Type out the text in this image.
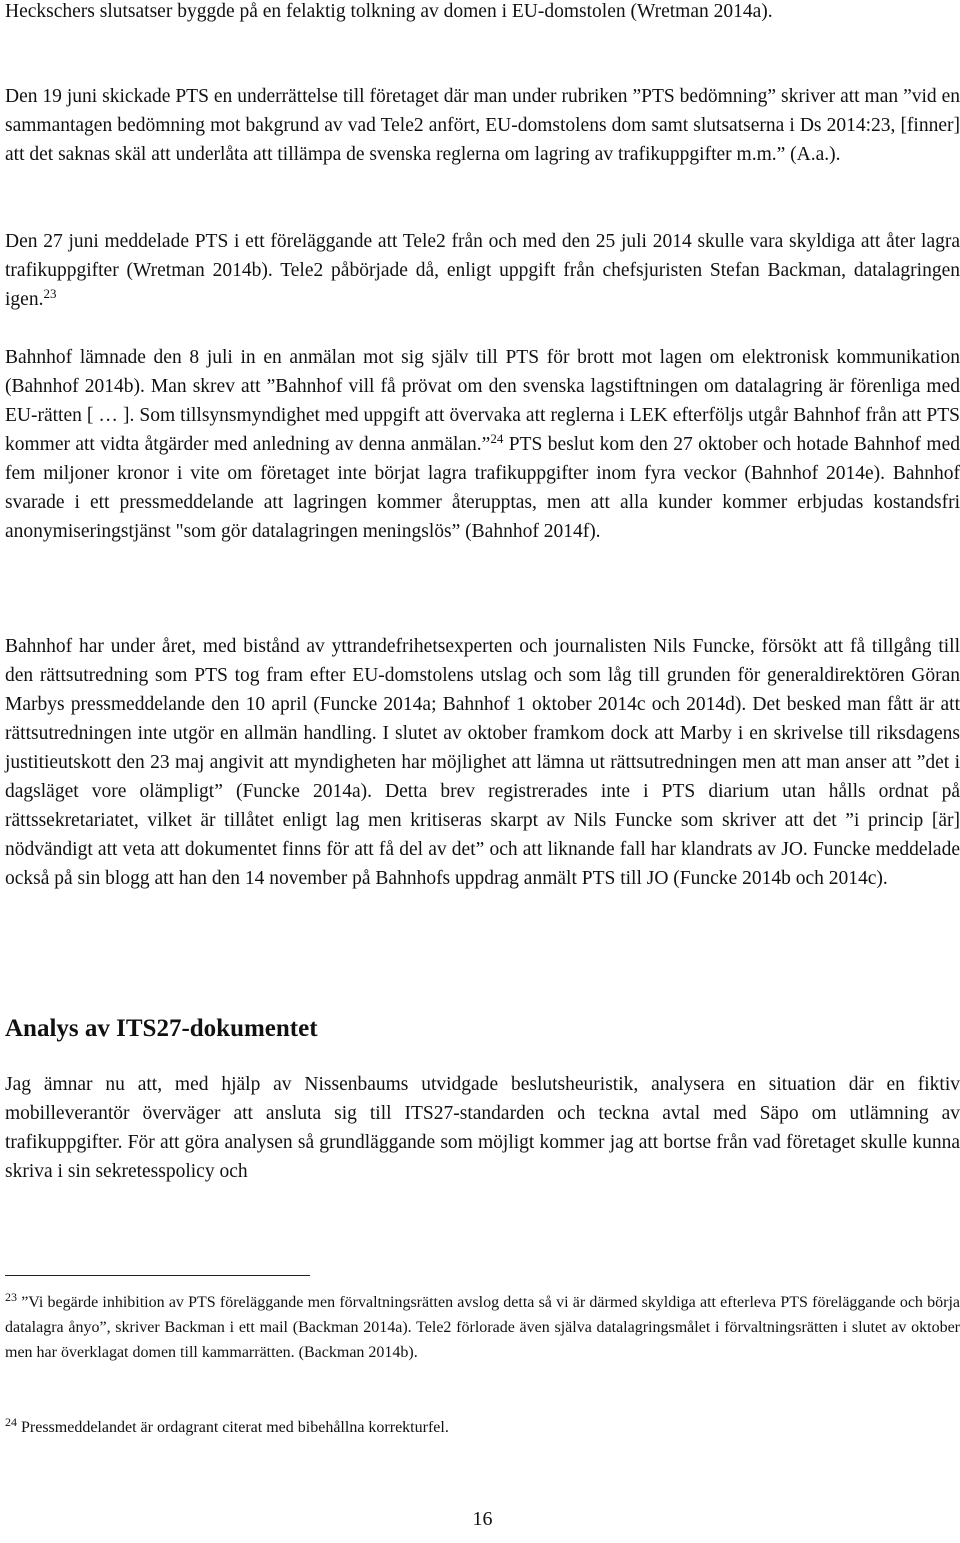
Heckschers slutsatser byggde på en felaktig tolkning av domen i EU-domstolen (Wretman 2014a).

Den 19 juni skickade PTS en underrättelse till företaget där man under rubriken ”PTS bedömning” skriver att man ”vid en sammantagen bedömning mot bakgrund av vad Tele2 anfört, EU-domstolens dom samt slutsatserna i Ds 2014:23, [finner] att det saknas skäl att underlåta att tillämpa de svenska reglerna om lagring av trafikuppgifter m.m.” (A.a.).

Den 27 juni meddelade PTS i ett föreläggande att Tele2 från och med den 25 juli 2014 skulle vara skyldiga att åter lagra trafikuppgifter (Wretman 2014b). Tele2 påbörjade då, enligt uppgift från chefsjuristen Stefan Backman, datalagringen igen.$^{23}$

Bahnhof lämnade den 8 juli in en anmälan mot sig själv till PTS för brott mot lagen om elektronisk kommunikation (Bahnhof 2014b). Man skrev att ”Bahnhof vill få prövat om den svenska lagstiftningen om datalagring är förenliga med EU-rätten [ … ]. Som tillsynsmyndighet med uppgift att övervaka att reglerna i LEK efterföljs utgår Bahnhof från att PTS kommer att vidta åtgärder med anledning av denna anmälan.”$^{24}$ PTS beslut kom den 27 oktober och hotade Bahnhof med fem miljoner kronor i vite om företaget inte börjat lagra trafikuppgifter inom fyra veckor (Bahnhof 2014e). Bahnhof svarade i ett pressmeddelande att lagringen kommer återupptas, men att alla kunder kommer erbjudas kostandsfri anonymiseringstjänst "som gör datalagringen meningslös” (Bahnhof 2014f).

Bahnhof har under året, med bistånd av yttrandefrihetsexperten och journalisten Nils Funcke, försökt att få tillgång till den rättsutredning som PTS tog fram efter EU-domstolens utslag och som låg till grunden för generaldirektören Göran Marbys pressmeddelande den 10 april (Funcke 2014a; Bahnhof 1 oktober 2014c och 2014d). Det besked man fått är att rättsutredningen inte utgör en allmän handling. I slutet av oktober framkom dock att Marby i en skrivelse till riksdagens justitieutskott den 23 maj angivit att myndigheten har möjlighet att lämna ut rättsutredningen men att man anser att ”det i dagsläget vore olämpligt” (Funcke 2014a). Detta brev registrerades inte i PTS diarium utan hålls ordnat på rättssekretariatet, vilket är tillåtet enligt lag men kritiseras skarpt av Nils Funcke som skriver att det ”i princip [är] nödvändigt att veta att dokumentet finns för att få del av det” och att liknande fall har klandrats av JO. Funcke meddelade också på sin blogg att han den 14 november på Bahnhofs uppdrag anmält PTS till JO (Funcke 2014b och 2014c).

Analys av ITS27-dokumentet

Jag ämnar nu att, med hjälp av Nissenbaums utvidgade beslutsheuristik, analysera en situation där en fiktiv mobilleverantör överväger att ansluta sig till ITS27-standarden och teckna avtal med Säpo om utlämning av trafikuppgifter. För att göra analysen så grundläggande som möjligt kommer jag att bortse från vad företaget skulle kunna skriva i sin sekretesspolicy och

$^{23}$ ”Vi begärde inhibition av PTS föreläggande men förvaltningsrätten avslog detta så vi är därmed skyldiga att efterleva PTS föreläggande och börja datalagra ånyo”, skriver Backman i ett mail (Backman 2014a). Tele2 förlorade även själva datalagringsmålet i förvaltningsrätten i slutet av oktober men har överklagat domen till kammarrätten. (Backman 2014b).

$^{24}$ Pressmeddelandet är ordagrant citerat med bibehållna korrekturfel.

16
